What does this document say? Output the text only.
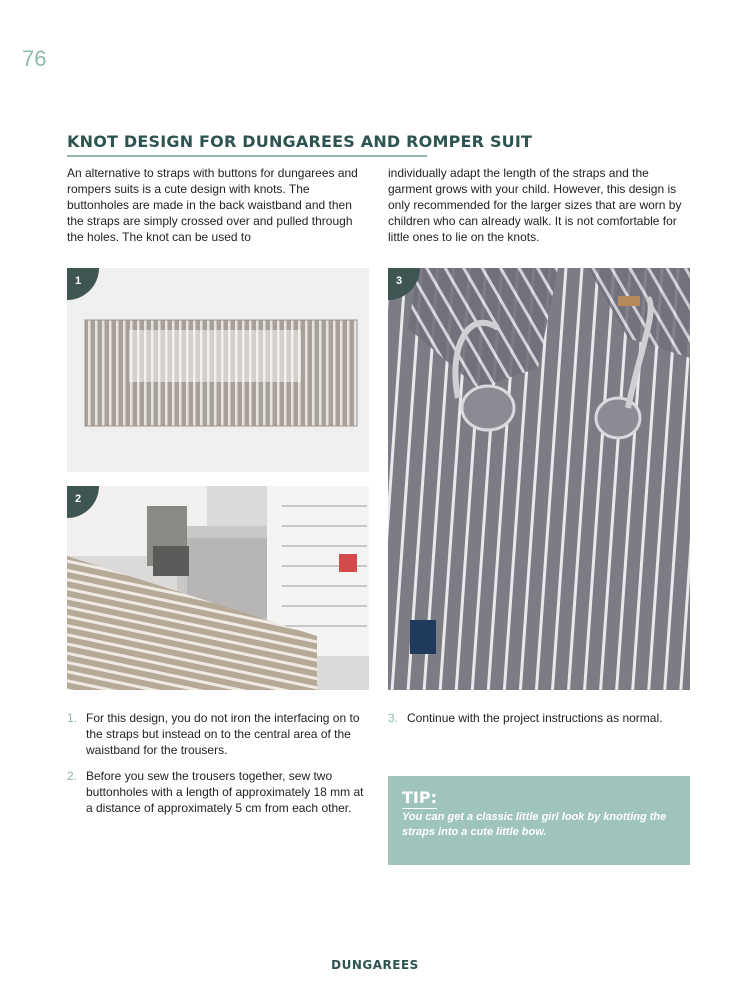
76
KNOT DESIGN FOR DUNGAREES AND ROMPER SUIT
An alternative to straps with buttons for dungarees and rompers suits is a cute design with knots. The buttonholes are made in the back waistband and then the straps are simply crossed over and pulled through the holes. The knot can be used to
individually adapt the length of the straps and the garment grows with your child. However, this design is only recommended for the larger sizes that are worn by children who can already walk. It is not comfortable for little ones to lie on the knots.
1
2
3
1. For this design, you do not iron the interfacing on to the straps but instead on to the central area of the waistband for the trousers.
2. Before you sew the trousers together, sew two buttonholes with a length of approximately 18 mm at a distance of approximately 5 cm from each other.
3. Continue with the project instructions as normal.
TIP:
You can get a classic little girl look by knotting the straps into a cute little bow.
DUNGAREES
